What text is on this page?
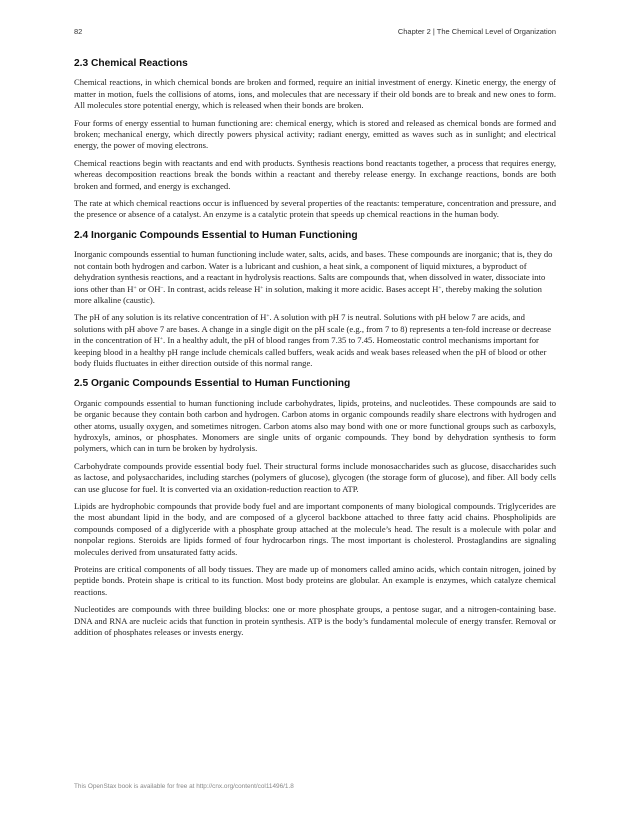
82	Chapter 2 | The Chemical Level of Organization
2.3 Chemical Reactions

Chemical reactions, in which chemical bonds are broken and formed, require an initial investment of energy. Kinetic energy, the energy of matter in motion, fuels the collisions of atoms, ions, and molecules that are necessary if their old bonds are to break and new ones to form. All molecules store potential energy, which is released when their bonds are broken.

Four forms of energy essential to human functioning are: chemical energy, which is stored and released as chemical bonds are formed and broken; mechanical energy, which directly powers physical activity; radiant energy, emitted as waves such as in sunlight; and electrical energy, the power of moving electrons.

Chemical reactions begin with reactants and end with products. Synthesis reactions bond reactants together, a process that requires energy, whereas decomposition reactions break the bonds within a reactant and thereby release energy. In exchange reactions, bonds are both broken and formed, and energy is exchanged.

The rate at which chemical reactions occur is influenced by several properties of the reactants: temperature, concentration and pressure, and the presence or absence of a catalyst. An enzyme is a catalytic protein that speeds up chemical reactions in the human body.

2.4 Inorganic Compounds Essential to Human Functioning

Inorganic compounds essential to human functioning include water, salts, acids, and bases. These compounds are inorganic; that is, they do not contain both hydrogen and carbon. Water is a lubricant and cushion, a heat sink, a component of liquid mixtures, a byproduct of dehydration synthesis reactions, and a reactant in hydrolysis reactions. Salts are compounds that, when dissolved in water, dissociate into ions other than H+ or OH–. In contrast, acids release H+ in solution, making it more acidic. Bases accept H+, thereby making the solution more alkaline (caustic).

The pH of any solution is its relative concentration of H+. A solution with pH 7 is neutral. Solutions with pH below 7 are acids, and solutions with pH above 7 are bases. A change in a single digit on the pH scale (e.g., from 7 to 8) represents a ten-fold increase or decrease in the concentration of H+. In a healthy adult, the pH of blood ranges from 7.35 to 7.45. Homeostatic control mechanisms important for keeping blood in a healthy pH range include chemicals called buffers, weak acids and weak bases released when the pH of blood or other body fluids fluctuates in either direction outside of this normal range.

2.5 Organic Compounds Essential to Human Functioning

Organic compounds essential to human functioning include carbohydrates, lipids, proteins, and nucleotides. These compounds are said to be organic because they contain both carbon and hydrogen. Carbon atoms in organic compounds readily share electrons with hydrogen and other atoms, usually oxygen, and sometimes nitrogen. Carbon atoms also may bond with one or more functional groups such as carboxyls, hydroxyls, aminos, or phosphates. Monomers are single units of organic compounds. They bond by dehydration synthesis to form polymers, which can in turn be broken by hydrolysis.

Carbohydrate compounds provide essential body fuel. Their structural forms include monosaccharides such as glucose, disaccharides such as lactose, and polysaccharides, including starches (polymers of glucose), glycogen (the storage form of glucose), and fiber. All body cells can use glucose for fuel. It is converted via an oxidation-reduction reaction to ATP.

Lipids are hydrophobic compounds that provide body fuel and are important components of many biological compounds. Triglycerides are the most abundant lipid in the body, and are composed of a glycerol backbone attached to three fatty acid chains. Phospholipids are compounds composed of a diglyceride with a phosphate group attached at the molecule’s head. The result is a molecule with polar and nonpolar regions. Steroids are lipids formed of four hydrocarbon rings. The most important is cholesterol. Prostaglandins are signaling molecules derived from unsaturated fatty acids.

Proteins are critical components of all body tissues. They are made up of monomers called amino acids, which contain nitrogen, joined by peptide bonds. Protein shape is critical to its function. Most body proteins are globular. An example is enzymes, which catalyze chemical reactions.

Nucleotides are compounds with three building blocks: one or more phosphate groups, a pentose sugar, and a nitrogen-containing base. DNA and RNA are nucleic acids that function in protein synthesis. ATP is the body’s fundamental molecule of energy transfer. Removal or addition of phosphates releases or invests energy.

This OpenStax book is available for free at http://cnx.org/content/col11496/1.8
